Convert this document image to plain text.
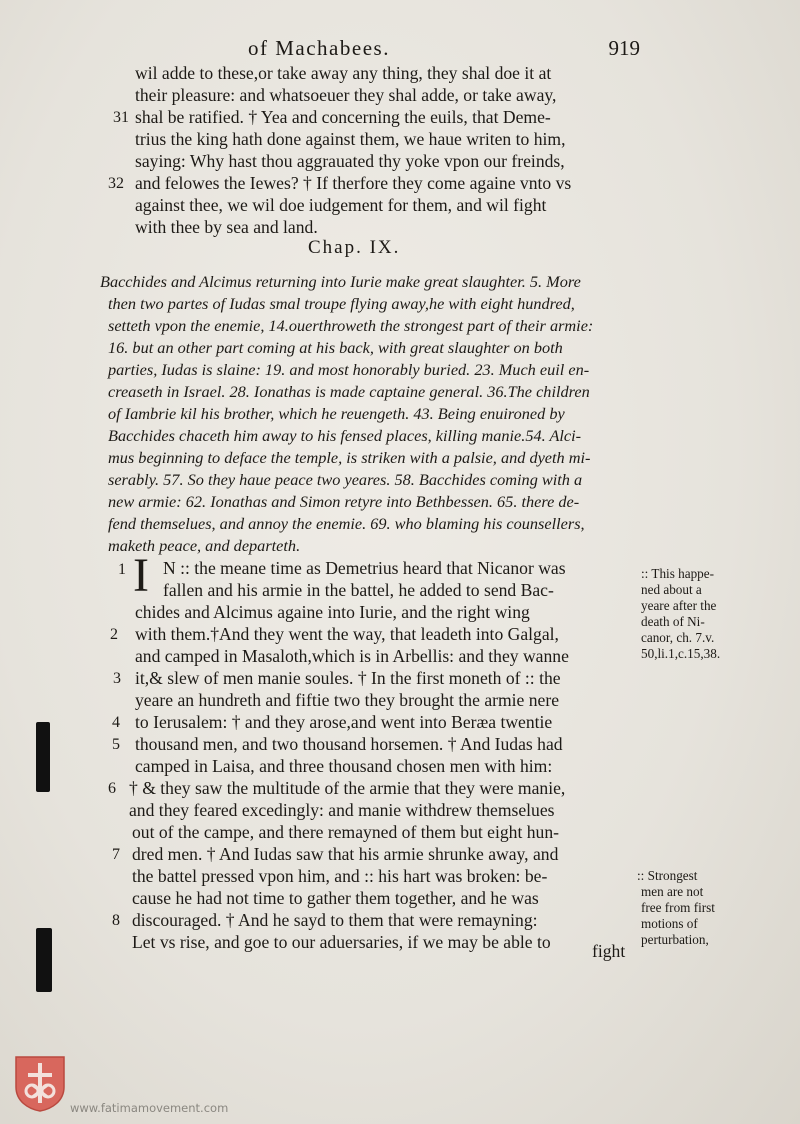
of Machabees.	919
wil adde to these,or take away any thing, they shal doe it at
their pleasure: and whatsoeuer they shal adde, or take away,
31 shal be ratified. † Yea and concerning the euils, that Deme-
trius the king hath done against them, we haue writen to him,
saying: Why hast thou aggrauated thy yoke vpon our freinds,
32 and felowes the Iewes? † If therfore they come againe vnto vs
against thee, we wil doe iudgement for them, and wil fight
with thee by sea and land.
Chap. IX.
Bacchides and Alcimus returning into Iurie make great slaughter. 5. More
then two partes of Iudas smal troupe flying away,he with eight hundred,
setteth vpon the enemie, 14.ouerthroweth the strongest part of their armie:
16. but an other part coming at his back, with great slaughter on both
parties, Iudas is slaine: 19. and most honorably buried. 23. Much euil en-
creaseth in Israel. 28. Ionathas is made captaine general. 36.The children
of Iambrie kil his brother, which he reuengeth. 43. Being enuironed by
Bacchides chaceth him away to his fensed places, killing manie.54. Alci-
mus beginning to deface the temple, is striken with a palsie, and dyeth mi-
serably. 57. So they haue peace two yeares. 58. Bacchides coming with a
new armie: 62. Ionathas and Simon retyre into Bethbessen. 65. there de-
fend themselues, and annoy the enemie. 69. who blaming his counsellers,
maketh peace, and departeth.
I
1 N :: the meane time as Demetrius heard that Nicanor was
fallen and his armie in the battel, he added to send Bac-
chides and Alcimus againe into Iurie, and the right wing
2 with them.†And they went the way, that leadeth into Galgal,
and camped in Masaloth,which is in Arbellis: and they wanne
3 it,& slew of men manie soules. † In the first moneth of :: the
yeare an hundreth and fiftie two they brought the armie nere
4 to Ierusalem: † and they arose,and went into Beræa twentie
5 thousand men, and two thousand horsemen. † And Iudas had
camped in Laisa, and three thousand chosen men with him:
6 † & they saw the multitude of the armie that they were manie,
and they feared excedingly: and manie withdrew themselues
out of the campe, and there remayned of them but eight hun-
7 dred men. † And Iudas saw that his armie shrunke away, and
the battel pressed vpon him, and :: his hart was broken: be-
cause he had not time to gather them together, and he was
8 discouraged. † And he sayd to them that were remayning:
Let vs rise, and goe to our aduersaries, if we may be able to fight
:: This happe-
ned about a
yeare after the
death of Ni-
canor, ch. 7.v.
50,li.1,c.15,38.
:: Strongest
men are not
free from first
motions of
perturbation,
www.fatimamovement.com
